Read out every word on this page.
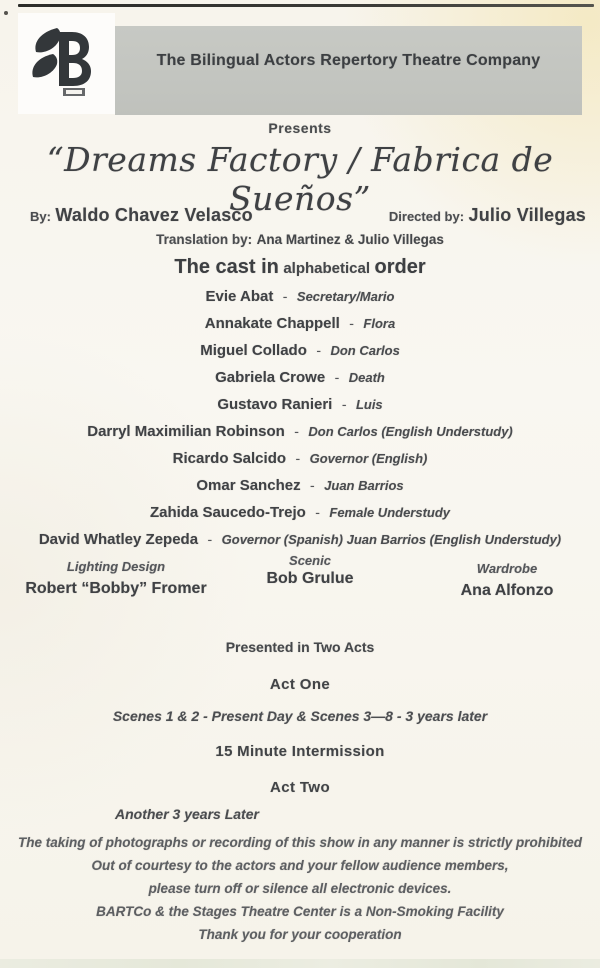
The Bilingual Actors Repertory Theatre Company
Presents
“Dreams Factory / Fabrica de Sueños”
By: Waldo Chavez Velasco	Directed by: Julio Villegas
Translation by: Ana Martinez & Julio Villegas
The cast in alphabetical order
Evie Abat - Secretary/Mario
Annakate Chappell - Flora
Miguel Collado - Don Carlos
Gabriela Crowe - Death
Gustavo Ranieri - Luis
Darryl Maximilian Robinson - Don Carlos (English Understudy)
Ricardo Salcido - Governor (English)
Omar Sanchez - Juan Barrios
Zahida Saucedo-Trejo - Female Understudy
David Whatley Zepeda - Governor (Spanish) Juan Barrios (English Understudy)
Lighting Design
Robert “Bobby” Fromer
Scenic
Bob Grulue
Wardrobe
Ana Alfonzo
Presented in Two Acts
Act One
Scenes 1 & 2 - Present Day & Scenes 3—8 - 3 years later
15 Minute Intermission
Act Two
Another 3 years Later
The taking of photographs or recording of this show in any manner is strictly prohibited
Out of courtesy to the actors and your fellow audience members,
please turn off or silence all electronic devices.
BARTCo & the Stages Theatre Center is a Non-Smoking Facility
Thank you for your cooperation
